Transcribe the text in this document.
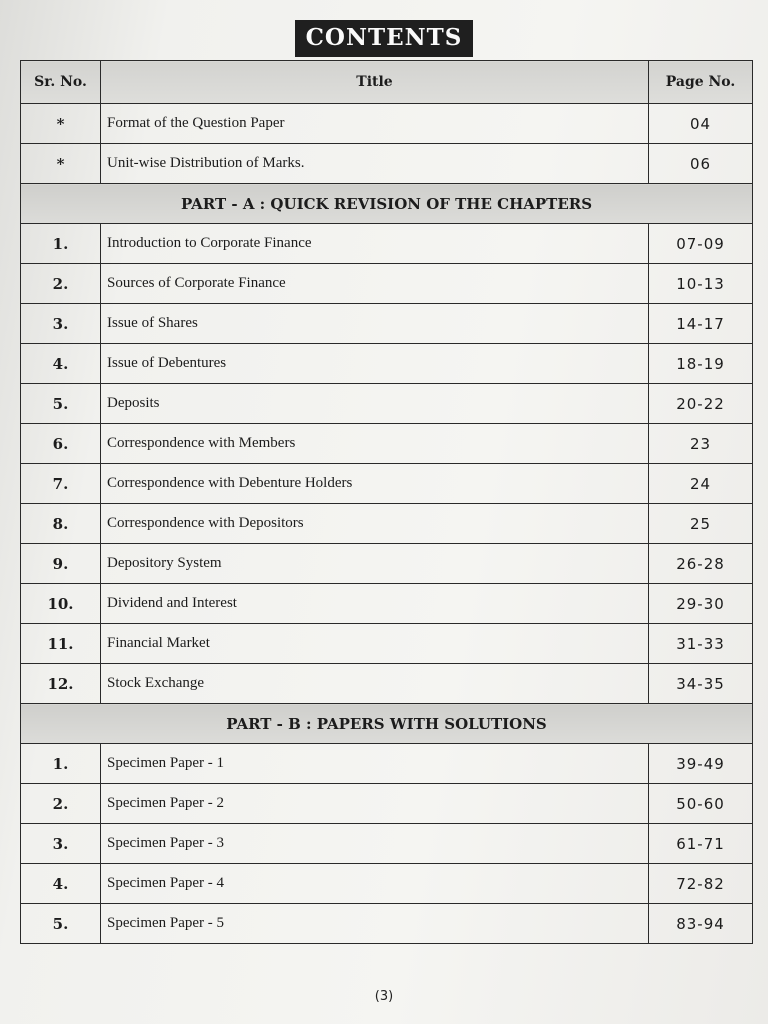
CONTENTS
Sr. No.	Title	Page No.
*	Format of the Question Paper	04
*	Unit-wise Distribution of Marks.	06
PART - A : QUICK REVISION OF THE CHAPTERS		
1.	Introduction to Corporate Finance	07-09
2.	Sources of Corporate Finance	10-13
3.	Issue of Shares	14-17
4.	Issue of Debentures	18-19
5.	Deposits	20-22
6.	Correspondence with Members	23
7.	Correspondence with Debenture Holders	24
8.	Correspondence with Depositors	25
9.	Depository System	26-28
10.	Dividend and Interest	29-30
11.	Financial Market	31-33
12.	Stock Exchange	34-35
PART - B : PAPERS WITH SOLUTIONS		
1.	Specimen Paper - 1	39-49
2.	Specimen Paper - 2	50-60
3.	Specimen Paper - 3	61-71
4.	Specimen Paper - 4	72-82
5.	Specimen Paper - 5	83-94
(3)
